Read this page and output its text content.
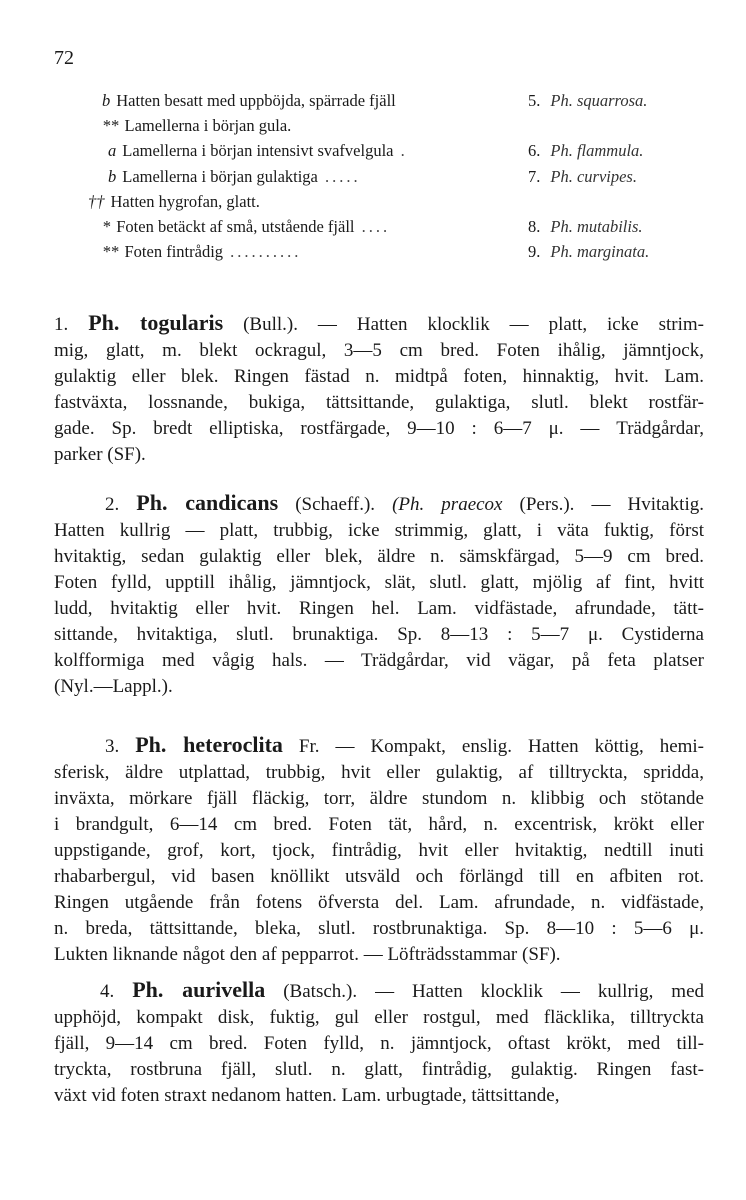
72
b Hatten besatt med uppböjda, spärrade fjäll	5. Ph. squarrosa.
** Lamellerna i början gula.
a Lamellerna i början intensivt svafvelgula .	6. Ph. flammula.
b Lamellerna i början gulaktiga .....	7. Ph. curvipes.
†† Hatten hygrofan, glatt.
* Foten betäckt af små, utstående fjäll ....	8. Ph. mutabilis.
** Foten fintrådig ..........	9. Ph. marginata.
1. Ph. togularis (Bull.). — Hatten klocklik — platt, icke strim-
mig, glatt, m. blekt ockragul, 3—5 cm bred. Foten ihålig, jämntjock,
gulaktig eller blek. Ringen fästad n. midtpå foten, hinnaktig, hvit. Lam.
fastväxta, lossnande, bukiga, tättsittande, gulaktiga, slutl. blekt rostfär-
gade. Sp. bredt elliptiska, rostfärgade, 9—10 : 6—7 μ. — Trädgårdar,
parker (SF).
2. Ph. candicans (Schaeff.). (Ph. praecox (Pers.). — Hvitaktig.
Hatten kullrig — platt, trubbig, icke strimmig, glatt, i väta fuktig, först
hvitaktig, sedan gulaktig eller blek, äldre n. sämskfärgad, 5—9 cm bred.
Foten fylld, upptill ihålig, jämntjock, slät, slutl. glatt, mjölig af fint, hvitt
ludd, hvitaktig eller hvit. Ringen hel. Lam. vidfästade, afrundade, tätt-
sittande, hvitaktiga, slutl. brunaktiga. Sp. 8—13 : 5—7 μ. Cystiderna
kolfformiga med vågig hals. — Trädgårdar, vid vägar, på feta platser
(Nyl.—Lappl.).
3. Ph. heteroclita Fr. — Kompakt, enslig. Hatten köttig, hemi-
sferisk, äldre utplattad, trubbig, hvit eller gulaktig, af tilltryckta, spridda,
inväxta, mörkare fjäll fläckig, torr, äldre stundom n. klibbig och stötande
i brandgult, 6—14 cm bred. Foten tät, hård, n. excentrisk, krökt eller
uppstigande, grof, kort, tjock, fintrådig, hvit eller hvitaktig, nedtill inuti
rhabarbergul, vid basen knöllikt utsväld och förlängd till en afbiten rot.
Ringen utgående från fotens öfversta del. Lam. afrundade, n. vidfästade,
n. breda, tättsittande, bleka, slutl. rostbrunaktiga. Sp. 8—10 : 5—6 μ.
Lukten liknande något den af pepparrot. — Löfträdsstammar (SF).
4. Ph. aurivella (Batsch.). — Hatten klocklik — kullrig, med
upphöjd, kompakt disk, fuktig, gul eller rostgul, med fläcklika, tilltryckta
fjäll, 9—14 cm bred. Foten fylld, n. jämntjock, oftast krökt, med till-
tryckta, rostbruna fjäll, slutl. n. glatt, fintrådig, gulaktig. Ringen fast-
växt vid foten straxt nedanom hatten. Lam. urbugtade, tättsittande,
